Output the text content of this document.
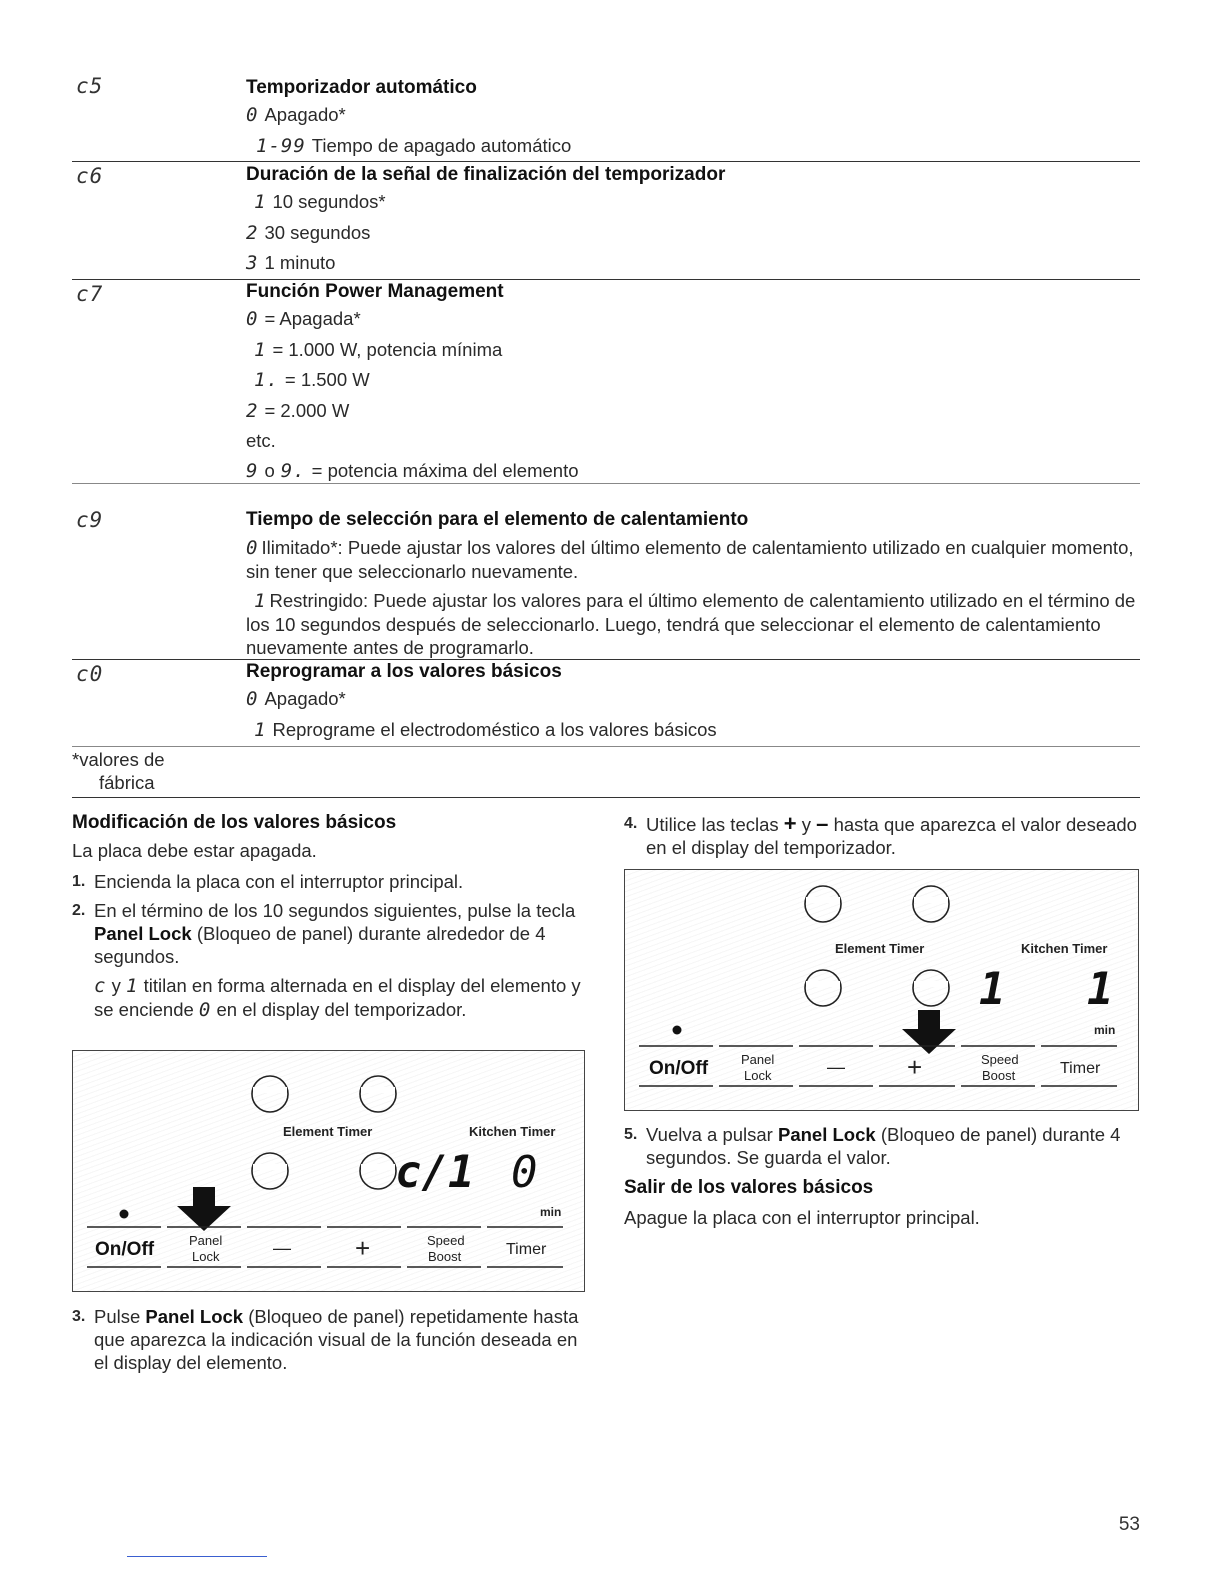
c5	Temporizador automático
0 Apagado*
1-99 Tiempo de apagado automático
c6	Duración de la señal de finalización del temporizador
1 10 segundos*
2 30 segundos
3 1 minuto
c7	Función Power Management
0 = Apagada*
1 = 1.000 W, potencia mínima
1. = 1.500 W
2 = 2.000 W
etc.
9 o 9. = potencia máxima del elemento
c9	Tiempo de selección para el elemento de calentamiento
0 Ilimitado*: Puede ajustar los valores del último elemento de calentamiento utilizado en cualquier momento, sin tener que seleccionarlo nuevamente.
1 Restringido: Puede ajustar los valores para el último elemento de calentamiento utilizado en el término de los 10 segundos después de seleccionarlo. Luego, tendrá que seleccionar el elemento de calentamiento nuevamente antes de programarlo.
c0	Reprogramar a los valores básicos
0 Apagado*
1 Reprograme el electrodoméstico a los valores básicos
*valores de
fábrica
Modificación de los valores básicos
La placa debe estar apagada.
1. Encienda la placa con el interruptor principal.
2. En el término de los 10 segundos siguientes, pulse la tecla Panel Lock (Bloqueo de panel) durante alrededor de 4 segundos.
c y 1 titilan en forma alternada en el display del elemento y se enciende 0 en el display del temporizador.
Element Timer	Kitchen Timer
c/1 0
min
On/Off	Panel
Lock	— +	Speed
Boost	Timer
3. Pulse Panel Lock (Bloqueo de panel) repetidamente hasta que aparezca la indicación visual de la función deseada en el display del elemento.
4. Utilice las teclas + y – hasta que aparezca el valor deseado en el display del temporizador.
Element Timer	Kitchen Timer
1 1
min
On/Off	Panel
Lock	— +	Speed
Boost	Timer
5. Vuelva a pulsar Panel Lock (Bloqueo de panel) durante 4 segundos. Se guarda el valor.
Salir de los valores básicos
Apague la placa con el interruptor principal.
53
